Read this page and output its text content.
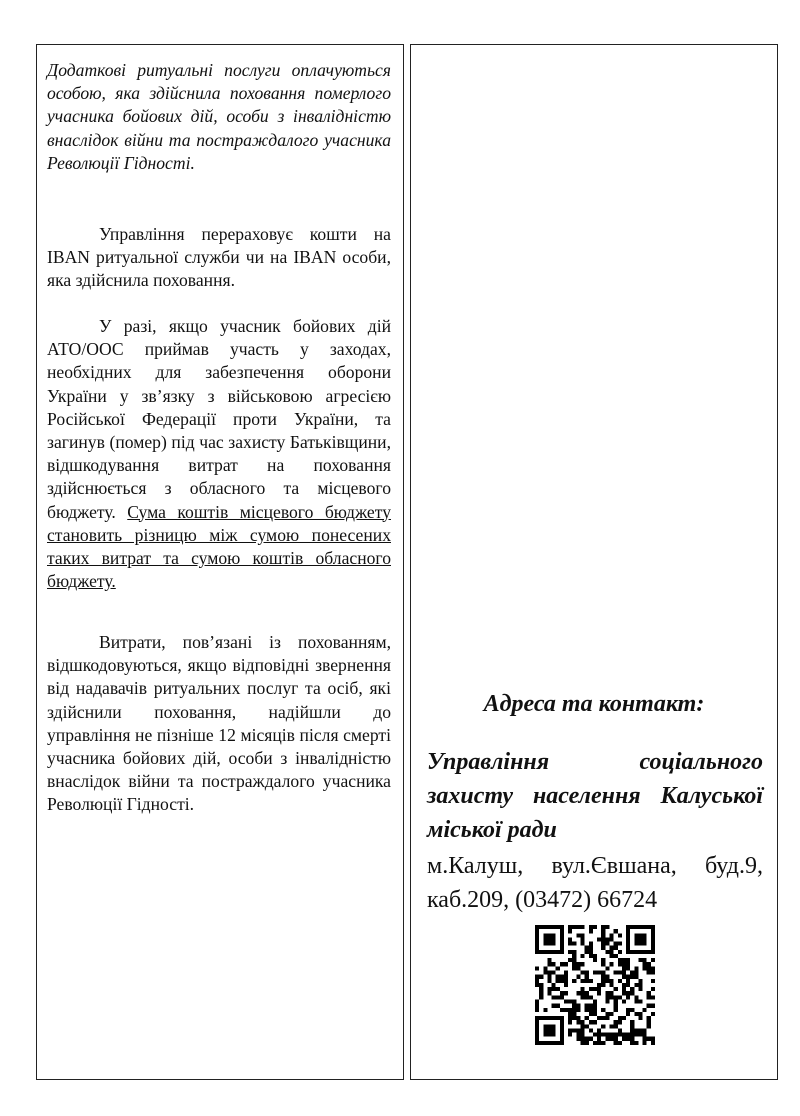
Додаткові ритуальні послуги оплачуються особою, яка здійснила поховання померлого учасника бойових дій, особи з інвалідністю внаслідок війни та постраждалого учасника Революції Гідності.

Управління перераховує кошти на IBAN ритуальної служби чи на IBAN особи, яка здійснила поховання.

У разі, якщо учасник бойових дій АТО/ООС приймав участь у заходах, необхідних для забезпечення оборони України у зв’язку з військовою агресією Російської Федерації проти України, та загинув (помер) під час захисту Батьківщини, відшкодування витрат на поховання здійснюється з обласного та місцевого бюджету. Сума коштів місцевого бюджету становить різницю між сумою понесених таких витрат та сумою коштів обласного бюджету.

Витрати, пов’язані із похованням, відшкодовуються, якщо відповідні звернення від надавачів ритуальних послуг та осіб, які здійснили поховання, надійшли до управління не пізніше 12 місяців після смерті учасника бойових дій, особи з інвалідністю внаслідок війни та постраждалого учасника Революції Гідності.

Адреса та контакт:

Управління соціального захисту населення Калуської міської ради

м.Калуш, вул.Євшана, буд.9, каб.209, (03472) 66724
